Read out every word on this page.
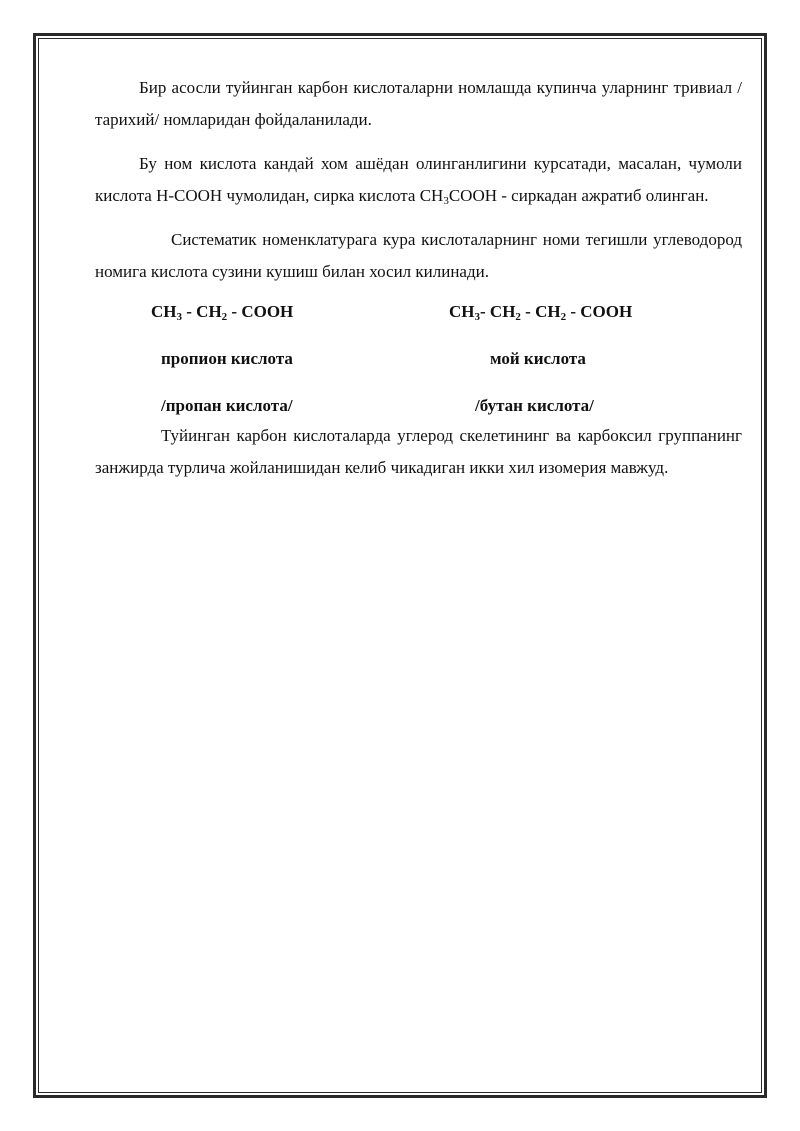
Бир асосли туйинган карбон кислоталарни номлашда купинча уларнинг тривиал /тарихий/ номларидан фойдаланилади.

Бу ном кислота кандай хом ашёдан олинганлигини курсатади, масалан, чумоли кислота Н-СООН чумолидан, сирка кислота $СН_3СООН$ - сиркадан ажратиб олинган.

Систематик номенклатурага кура кислоталарнинг номи тегишли углеводород номига кислота сузини кушиш билан хосил килинади.

$СН_3 - СН_2$ - СООН	$СН_3-$ $СН_2 - СН_2$ - СООН
пропион кислота	мой кислота
/пропан кислота/	/бутан кислота/

Туйинган карбон кислоталарда углерод скелетининг ва карбоксил группанинг занжирда турлича жойланишидан келиб чикадиган икки хил изомерия мавжуд.
